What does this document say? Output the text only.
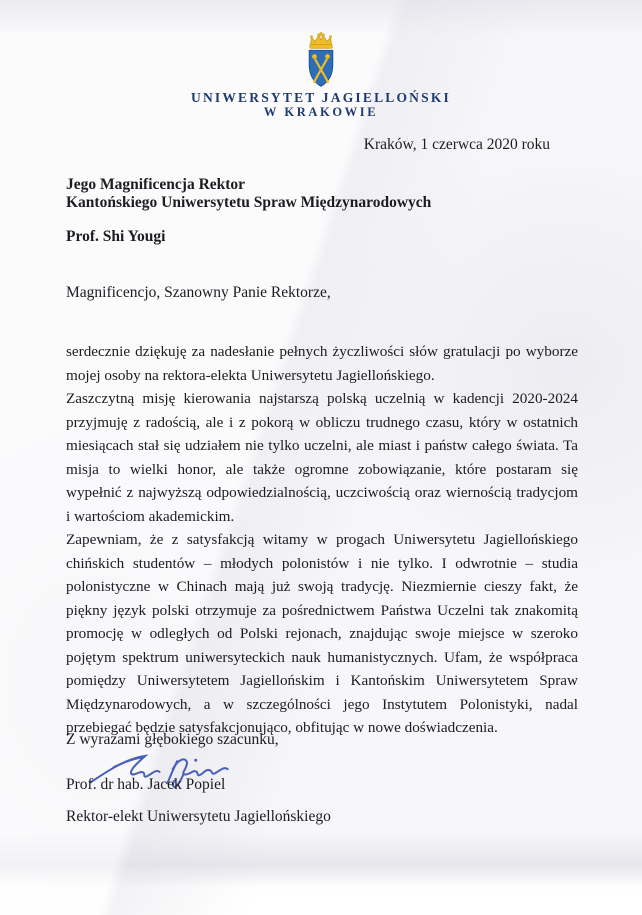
UNIWERSYTET JAGIELLOŃSKI
W KRAKOWIE
Kraków, 1 czerwca 2020 roku
Jego Magnificencja Rektor
Kantońskiego Uniwersytetu Spraw Międzynarodowych
Prof. Shi Yougi
Magnificencjo, Szanowny Panie Rektorze,

serdecznie dziękuję za nadesłanie pełnych życzliwości słów gratulacji po wyborze mojej osoby na rektora-elekta Uniwersytetu Jagiellońskiego.

Zaszczytną misję kierowania najstarszą polską uczelnią w kadencji 2020-2024 przyjmuję z radością, ale i z pokorą w obliczu trudnego czasu, który w ostatnich miesiącach stał się udziałem nie tylko uczelni, ale miast i państw całego świata. Ta misja to wielki honor, ale także ogromne zobowiązanie, które postaram się wypełnić z najwyższą odpowiedzialnością, uczciwością oraz wiernością tradycjom i wartościom akademickim.

Zapewniam, że z satysfakcją witamy w progach Uniwersytetu Jagiellońskiego chińskich studentów – młodych polonistów i nie tylko. I odwrotnie – studia polonistyczne w Chinach mają już swoją tradycję. Niezmiernie cieszy fakt, że piękny język polski otrzymuje za pośrednictwem Państwa Uczelni tak znakomitą promocję w odległych od Polski rejonach, znajdując swoje miejsce w szeroko pojętym spektrum uniwersyteckich nauk humanistycznych. Ufam, że współpraca pomiędzy Uniwersytetem Jagiellońskim i Kantońskim Uniwersytetem Spraw Międzynarodowych, a w szczególności jego Instytutem Polonistyki, nadal przebiegać będzie satysfakcjonująco, obfitując w nowe doświadczenia.

Z wyrazami głębokiego szacunku,
Prof. dr hab. Jacek Popiel
Rektor-elekt Uniwersytetu Jagiellońskiego
